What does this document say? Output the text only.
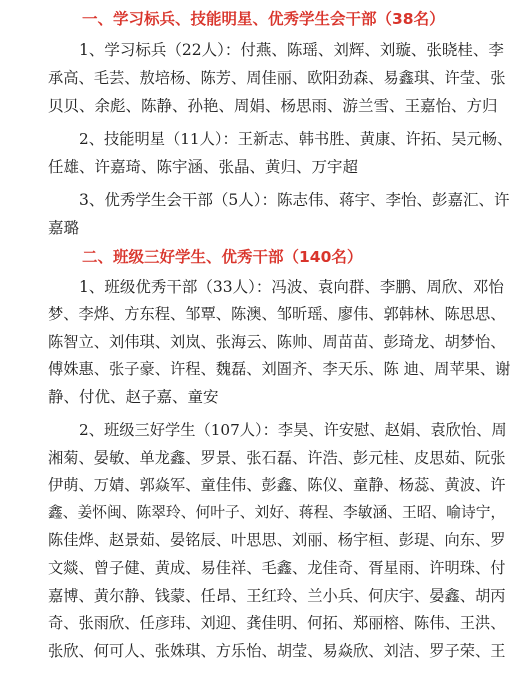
一、学习标兵、技能明星、优秀学生会干部（38名）

1、学习标兵（22人）：付燕、陈瑶、刘辉、刘璇、张晓桂、李

承高、毛芸、敖培杨、陈芳、周佳丽、欧阳劲森、易鑫琪、许莹、张

贝贝、余彪、陈静、孙艳、周娟、杨思雨、游兰雪、王嘉怡、方归

2、技能明星（11人）：王新志、韩书胜、黄康、许拓、吴元畅、

任雄、许嘉琦、陈宇涵、张晶、黄归、万宇超

3、优秀学生会干部（5人）：陈志伟、蒋宇、李怡、彭嘉汇、许

嘉璐

二、班级三好学生、优秀干部（140名）

1、班级优秀干部（33人）：冯波、袁向群、李鹏、周欣、邓怡

梦、李烨、方东程、邹覃、陈澳、邹昕瑶、廖伟、郭韩林、陈思思、

陈智立、刘伟琪、刘岚、张海云、陈帅、周苗苗、彭琦龙、胡梦怡、

傅姝惠、张子豪、许程、魏磊、刘圄齐、李天乐、陈 迪、周苹果、谢

静、付优、赵子嘉、童安

2、班级三好学生（107人）：李昊、许安慰、赵娟、袁欣怡、周

湘菊、晏敏、单龙鑫、罗景、张石磊、许浩、彭元桂、皮思茹、阮张

伊萌、万婧、郭焱军、童佳伟、彭鑫、陈仪、童静、杨蕊、黄波、许

鑫、姜怀闽、陈翠玲、何叶子、刘好、蒋程、李敏涵、王昭、喻诗宁，

陈佳烨、赵景茹、晏铭辰、叶思思、刘丽、杨宇桓、彭瑅、向东、罗

文燚、曾子健、黄成、易佳祥、毛鑫、龙佳奇、胥星雨、许明珠、付

嘉博、黄尔静、钱蒙、任昂、王红玲、兰小兵、何庆宇、晏鑫、胡丙

奇、张雨欣、任彦玮、刘迎、龚佳明、何拓、郑丽榕、陈伟、王洪、

张欣、何可人、张姝琪、方乐怡、胡莹、易焱欣、刘洁、罗子荣、王
